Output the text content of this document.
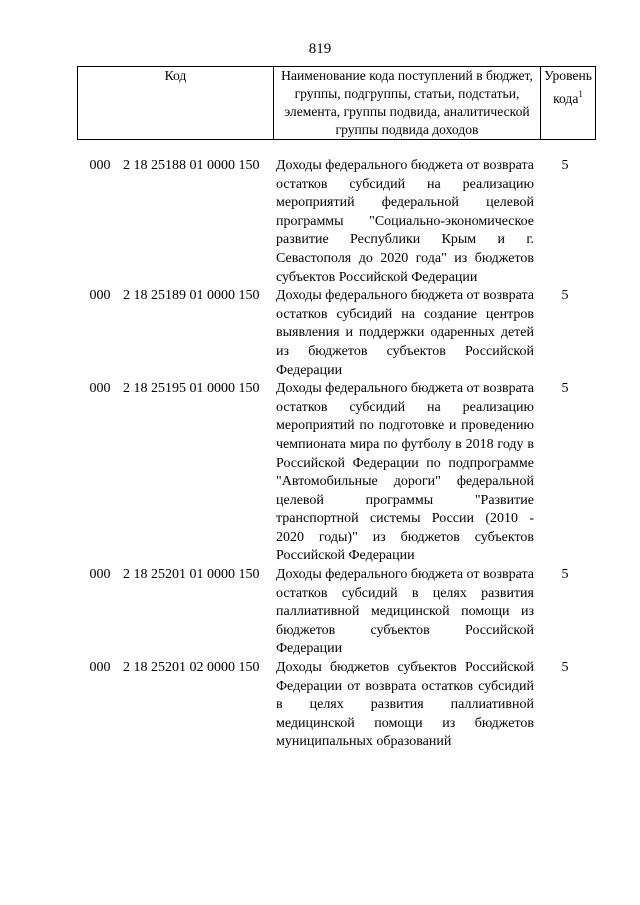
819
Код	Наименование кода поступлений в бюджет, группы, подгруппы, статьи, подстатьи, элемента, группы подвида, аналитической группы подвида доходов	Уровень кода$^1$
000	2 18 25188 01 0000 150	Доходы федерального бюджета от возврата остатков субсидий на реализацию мероприятий федеральной целевой программы "Социально-экономическое развитие Республики Крым и г. Севастополя до 2020 года" из бюджетов субъектов Российской Федерации	5
000	2 18 25189 01 0000 150	Доходы федерального бюджета от возврата остатков субсидий на создание центров выявления и поддержки одаренных детей из бюджетов субъектов Российской Федерации	5
000	2 18 25195 01 0000 150	Доходы федерального бюджета от возврата остатков субсидий на реализацию мероприятий по подготовке и проведению чемпионата мира по футболу в 2018 году в Российской Федерации по подпрограмме "Автомобильные дороги" федеральной целевой программы "Развитие транспортной системы России (2010 - 2020 годы)" из бюджетов субъектов Российской Федерации	5
000	2 18 25201 01 0000 150	Доходы федерального бюджета от возврата остатков субсидий в целях развития паллиативной медицинской помощи из бюджетов субъектов Российской Федерации	5
000	2 18 25201 02 0000 150	Доходы бюджетов субъектов Российской Федерации от возврата остатков субсидий в целях развития паллиативной медицинской помощи из бюджетов муниципальных образований	5
